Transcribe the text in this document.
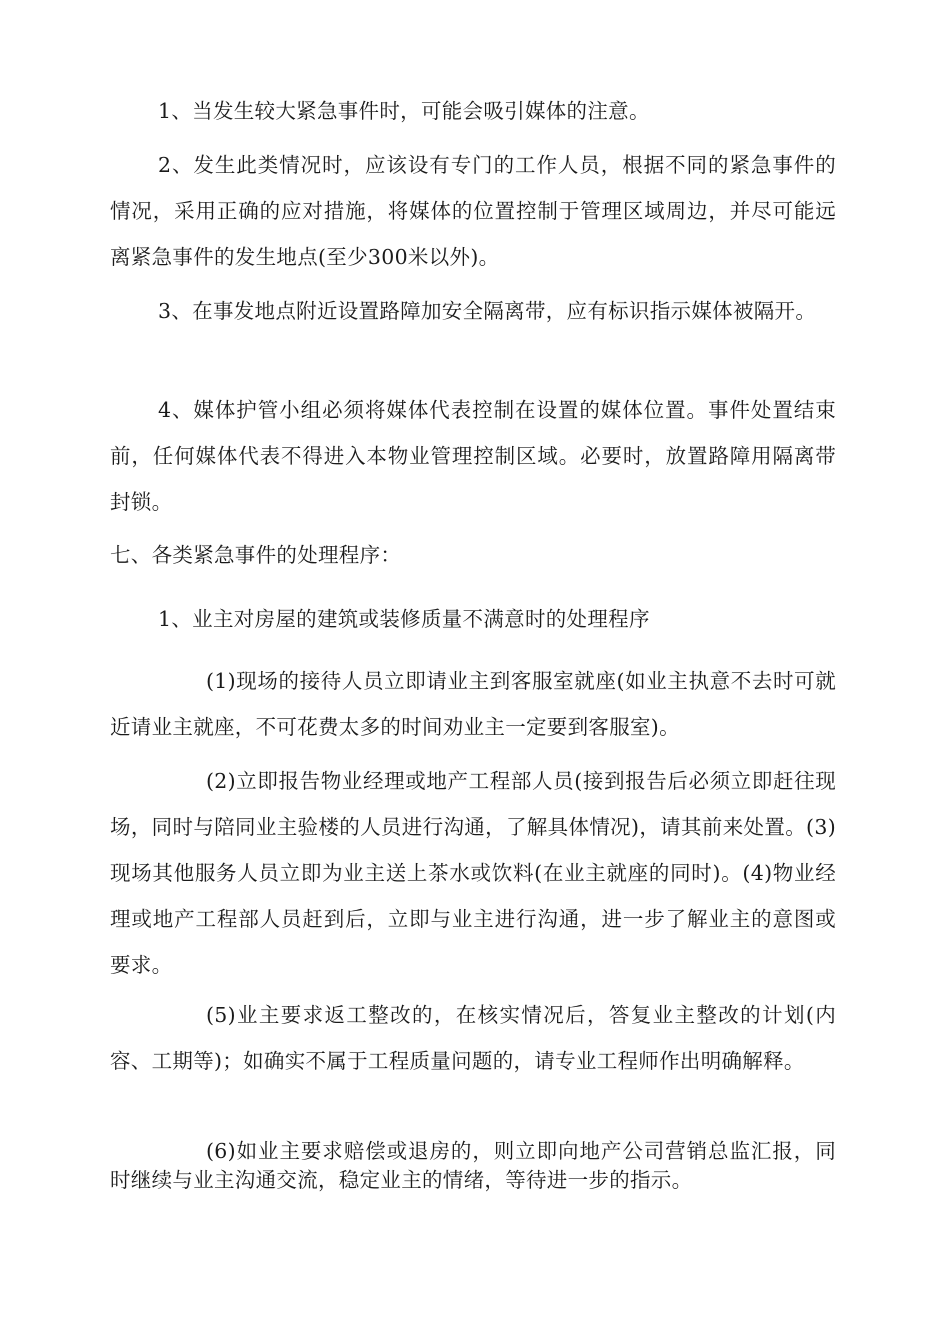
1、当发生较大紧急事件时，可能会吸引媒体的注意。

2、发生此类情况时，应该设有专门的工作人员，根据不同的紧急事件的情况，采用正确的应对措施，将媒体的位置控制于管理区域周边，并尽可能远离紧急事件的发生地点(至少300米以外)。

3、在事发地点附近设置路障加安全隔离带，应有标识指示媒体被隔开。

4、媒体护管小组必须将媒体代表控制在设置的媒体位置。事件处置结束前，任何媒体代表不得进入本物业管理控制区域。必要时，放置路障用隔离带封锁。

七、各类紧急事件的处理程序：

1、业主对房屋的建筑或装修质量不满意时的处理程序

(1)现场的接待人员立即请业主到客服室就座(如业主执意不去时可就近请业主就座，不可花费太多的时间劝业主一定要到客服室)。

(2)立即报告物业经理或地产工程部人员(接到报告后必须立即赶往现场，同时与陪同业主验楼的人员进行沟通，了解具体情况)，请其前来处置。(3)现场其他服务人员立即为业主送上茶水或饮料(在业主就座的同时)。(4)物业经理或地产工程部人员赶到后，立即与业主进行沟通，进一步了解业主的意图或要求。

(5)业主要求返工整改的，在核实情况后，答复业主整改的计划(内容、工期等)；如确实不属于工程质量问题的，请专业工程师作出明确解释。

(6)如业主要求赔偿或退房的，则立即向地产公司营销总监汇报，同时继续与业主沟通交流，稳定业主的情绪，等待进一步的指示。
